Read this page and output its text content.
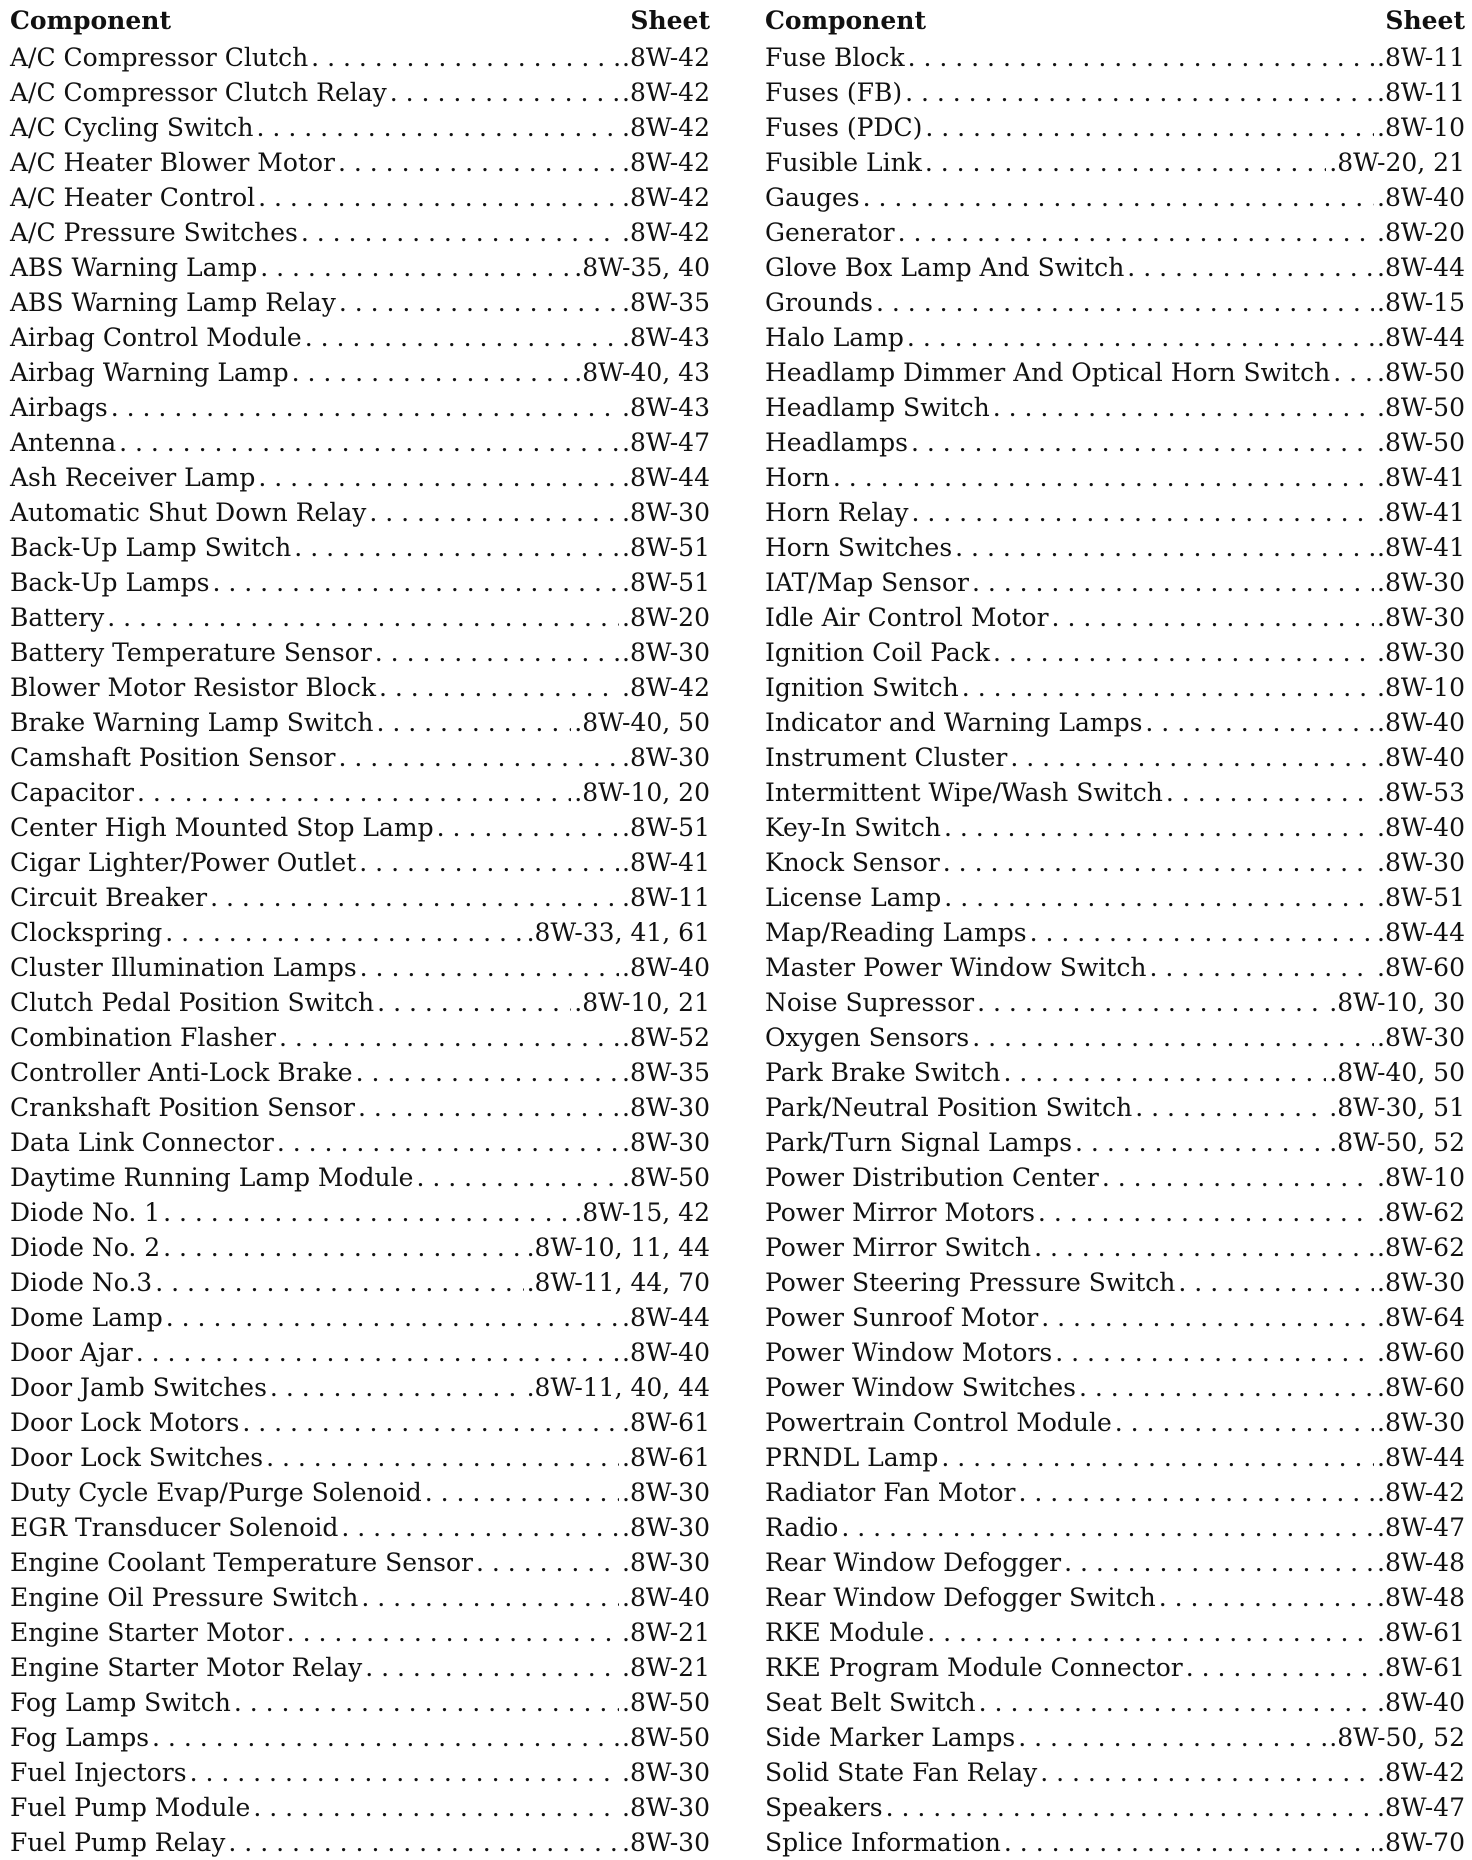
Component	Sheet
A/C Compressor Clutch . . .	.8W-42
A/C Compressor Clutch Relay . . .	.8W-42
A/C Cycling Switch . . .	.8W-42
A/C Heater Blower Motor . . .	.8W-42
A/C Heater Control . . .	.8W-42
A/C Pressure Switches . . .	.8W-42
ABS Warning Lamp . . .	.8W-35, 40
ABS Warning Lamp Relay . . .	.8W-35
Airbag Control Module . . .	.8W-43
Airbag Warning Lamp . . .	.8W-40, 43
Airbags . . .	.8W-43
Antenna . . .	.8W-47
Ash Receiver Lamp . . .	.8W-44
Automatic Shut Down Relay . . .	.8W-30
Back-Up Lamp Switch . . .	.8W-51
Back-Up Lamps . . .	.8W-51
Battery . . .	.8W-20
Battery Temperature Sensor . . .	.8W-30
Blower Motor Resistor Block . . .	.8W-42
Brake Warning Lamp Switch . . .	.8W-40, 50
Camshaft Position Sensor . . .	.8W-30
Capacitor . . .	.8W-10, 20
Center High Mounted Stop Lamp . . .	.8W-51
Cigar Lighter/Power Outlet . . .	.8W-41
Circuit Breaker . . .	.8W-11
Clockspring . . .	.8W-33, 41, 61
Cluster Illumination Lamps . . .	.8W-40
Clutch Pedal Position Switch . . .	.8W-10, 21
Combination Flasher . . .	.8W-52
Controller Anti-Lock Brake . . .	.8W-35
Crankshaft Position Sensor . . .	.8W-30
Data Link Connector . . .	.8W-30
Daytime Running Lamp Module . . .	.8W-50
Diode No. 1 . . .	.8W-15, 42
Diode No. 2 . . .	.8W-10, 11, 44
Diode No.3 . . .	.8W-11, 44, 70
Dome Lamp . . .	.8W-44
Door Ajar . . .	.8W-40
Door Jamb Switches . . .	.8W-11, 40, 44
Door Lock Motors . . .	.8W-61
Door Lock Switches . . .	.8W-61
Duty Cycle Evap/Purge Solenoid . . .	.8W-30
EGR Transducer Solenoid . . .	.8W-30
Engine Coolant Temperature Sensor . . .	.8W-30
Engine Oil Pressure Switch . . .	.8W-40
Engine Starter Motor . . .	.8W-21
Engine Starter Motor Relay . . .	.8W-21
Fog Lamp Switch . . .	.8W-50
Fog Lamps . . .	.8W-50
Fuel Injectors . . .	.8W-30
Fuel Pump Module . . .	.8W-30
Fuel Pump Relay . . .	.8W-30
Component	Sheet
Fuse Block . . .	.8W-11
Fuses (FB) . . .	.8W-11
Fuses (PDC) . . .	.8W-10
Fusible Link . . .	.8W-20, 21
Gauges . . .	.8W-40
Generator . . .	.8W-20
Glove Box Lamp And Switch . . .	.8W-44
Grounds . . .	.8W-15
Halo Lamp . . .	.8W-44
Headlamp Dimmer And Optical Horn Switch . . . .8W-50
Headlamp Switch . . .	.8W-50
Headlamps . . .	.8W-50
Horn . . .	.8W-41
Horn Relay . . .	.8W-41
Horn Switches . . .	.8W-41
IAT/Map Sensor . . .	.8W-30
Idle Air Control Motor . . .	.8W-30
Ignition Coil Pack . . .	.8W-30
Ignition Switch . . .	.8W-10
Indicator and Warning Lamps . . .	.8W-40
Instrument Cluster . . .	.8W-40
Intermittent Wipe/Wash Switch . . .	.8W-53
Key-In Switch . . .	.8W-40
Knock Sensor . . .	.8W-30
License Lamp . . .	.8W-51
Map/Reading Lamps . . .	.8W-44
Master Power Window Switch . . .	.8W-60
Noise Supressor . . .	.8W-10, 30
Oxygen Sensors . . .	.8W-30
Park Brake Switch . . .	.8W-40, 50
Park/Neutral Position Switch . . .	.8W-30, 51
Park/Turn Signal Lamps . . .	.8W-50, 52
Power Distribution Center . . .	.8W-10
Power Mirror Motors . . .	.8W-62
Power Mirror Switch . . .	.8W-62
Power Steering Pressure Switch . . .	.8W-30
Power Sunroof Motor . . .	.8W-64
Power Window Motors . . .	.8W-60
Power Window Switches . . .	.8W-60
Powertrain Control Module . . .	.8W-30
PRNDL Lamp . . .	.8W-44
Radiator Fan Motor . . .	.8W-42
Radio . . .	.8W-47
Rear Window Defogger . . .	.8W-48
Rear Window Defogger Switch . . .	.8W-48
RKE Module . . .	.8W-61
RKE Program Module Connector . . .	.8W-61
Seat Belt Switch . . .	.8W-40
Side Marker Lamps . . .	.8W-50, 52
Solid State Fan Relay . . .	.8W-42
Speakers . . .	.8W-47
Splice Information . . .	.8W-70
